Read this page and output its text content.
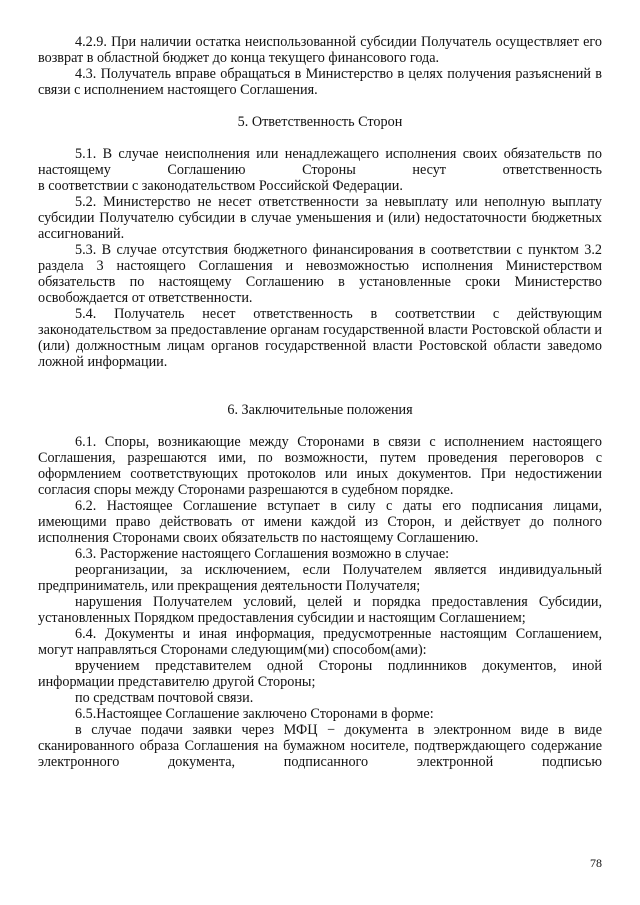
4.2.9. При наличии остатка неиспользованной субсидии Получатель осуществляет его возврат в областной бюджет до конца текущего финансового года.

4.3. Получатель вправе обращаться в Министерство в целях получения разъяснений в связи с исполнением настоящего Соглашения.

5. Ответственность Сторон

5.1. В случае неисполнения или ненадлежащего исполнения своих обязательств по настоящему Соглашению Стороны несут ответственность

в соответствии с законодательством Российской Федерации.

5.2. Министерство не несет ответственности за невыплату или неполную выплату субсидии Получателю субсидии в случае уменьшения и (или) недостаточности бюджетных ассигнований.

5.3. В случае отсутствия бюджетного финансирования в соответствии с пунктом 3.2 раздела 3 настоящего Соглашения и невозможностью исполнения Министерством обязательств по настоящему Соглашению в установленные сроки Министерство освобождается от ответственности.

5.4. Получатель несет ответственность в соответствии с действующим законодательством за предоставление органам государственной власти Ростовской области и (или) должностным лицам органов государственной власти Ростовской области заведомо ложной информации.

6. Заключительные положения

6.1. Споры, возникающие между Сторонами в связи с исполнением настоящего Соглашения, разрешаются ими, по возможности, путем проведения переговоров с оформлением соответствующих протоколов или иных документов. При недостижении согласия споры между Сторонами разрешаются в судебном порядке.

6.2. Настоящее Соглашение вступает в силу с даты его подписания лицами, имеющими право действовать от имени каждой из Сторон, и действует до полного исполнения Сторонами своих обязательств по настоящему Соглашению.

6.3. Расторжение настоящего Соглашения возможно в случае:

реорганизации, за исключением, если Получателем является индивидуальный предприниматель, или прекращения деятельности Получателя;

нарушения Получателем условий, целей и порядка предоставления Субсидии, установленных Порядком предоставления субсидии и настоящим Соглашением;

6.4. Документы и иная информация, предусмотренные настоящим Соглашением, могут направляться Сторонами следующим(ми) способом(ами):

вручением представителем одной Стороны подлинников документов, иной информации представителю другой Стороны;

по средствам почтовой связи.

6.5.Настоящее Соглашение заключено Сторонами в форме:

в случае подачи заявки через МФЦ − документа в электронном виде в виде сканированного образа Соглашения на бумажном носителе, подтверждающего содержание электронного документа, подписанного электронной подписью

78
